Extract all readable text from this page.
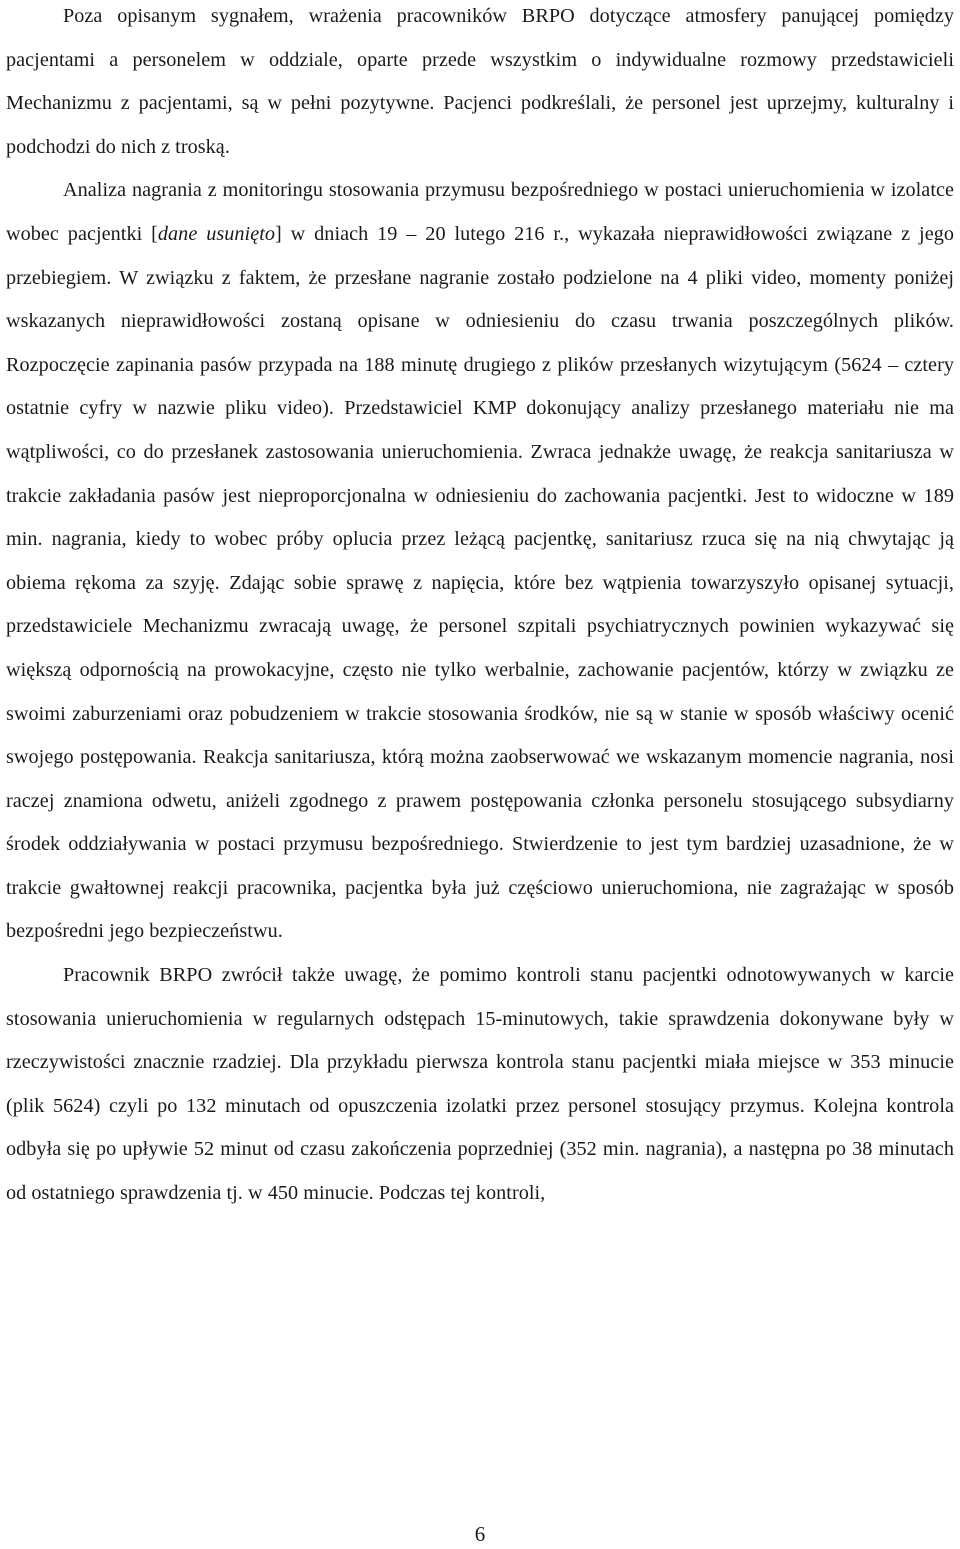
Poza opisanym sygnałem, wrażenia pracowników BRPO dotyczące atmosfery panującej pomiędzy pacjentami a personelem w oddziale, oparte przede wszystkim o indywidualne rozmowy przedstawicieli Mechanizmu z pacjentami, są w pełni pozytywne. Pacjenci podkreślali, że personel jest uprzejmy, kulturalny i podchodzi do nich z troską.

Analiza nagrania z monitoringu stosowania przymusu bezpośredniego w postaci unieruchomienia w izolatce wobec pacjentki [dane usunięto] w dniach 19 – 20 lutego 216 r., wykazała nieprawidłowości związane z jego przebiegiem. W związku z faktem, że przesłane nagranie zostało podzielone na 4 pliki video, momenty poniżej wskazanych nieprawidłowości zostaną opisane w odniesieniu do czasu trwania poszczególnych plików. Rozpoczęcie zapinania pasów przypada na 188 minutę drugiego z plików przesłanych wizytującym (5624 – cztery ostatnie cyfry w nazwie pliku video). Przedstawiciel KMP dokonujący analizy przesłanego materiału nie ma wątpliwości, co do przesłanek zastosowania unieruchomienia. Zwraca jednakże uwagę, że reakcja sanitariusza w trakcie zakładania pasów jest nieproporcjonalna w odniesieniu do zachowania pacjentki. Jest to widoczne w 189 min. nagrania, kiedy to wobec próby oplucia przez leżącą pacjentkę, sanitariusz rzuca się na nią chwytając ją obiema rękoma za szyję. Zdając sobie sprawę z napięcia, które bez wątpienia towarzyszyło opisanej sytuacji, przedstawiciele Mechanizmu zwracają uwagę, że personel szpitali psychiatrycznych powinien wykazywać się większą odpornością na prowokacyjne, często nie tylko werbalnie, zachowanie pacjentów, którzy w związku ze swoimi zaburzeniami oraz pobudzeniem w trakcie stosowania środków, nie są w stanie w sposób właściwy ocenić swojego postępowania. Reakcja sanitariusza, którą można zaobserwować we wskazanym momencie nagrania, nosi raczej znamiona odwetu, aniżeli zgodnego z prawem postępowania członka personelu stosującego subsydiarny środek oddziaływania w postaci przymusu bezpośredniego. Stwierdzenie to jest tym bardziej uzasadnione, że w trakcie gwałtownej reakcji pracownika, pacjentka była już częściowo unieruchomiona, nie zagrażając w sposób bezpośredni jego bezpieczeństwu.

Pracownik BRPO zwrócił także uwagę, że pomimo kontroli stanu pacjentki odnotowywanych w karcie stosowania unieruchomienia w regularnych odstępach 15-minutowych, takie sprawdzenia dokonywane były w rzeczywistości znacznie rzadziej. Dla przykładu pierwsza kontrola stanu pacjentki miała miejsce w 353 minucie (plik 5624) czyli po 132 minutach od opuszczenia izolatki przez personel stosujący przymus. Kolejna kontrola odbyła się po upływie 52 minut od czasu zakończenia poprzedniej (352 min. nagrania), a następna po 38 minutach od ostatniego sprawdzenia tj. w 450 minucie. Podczas tej kontroli,

6
